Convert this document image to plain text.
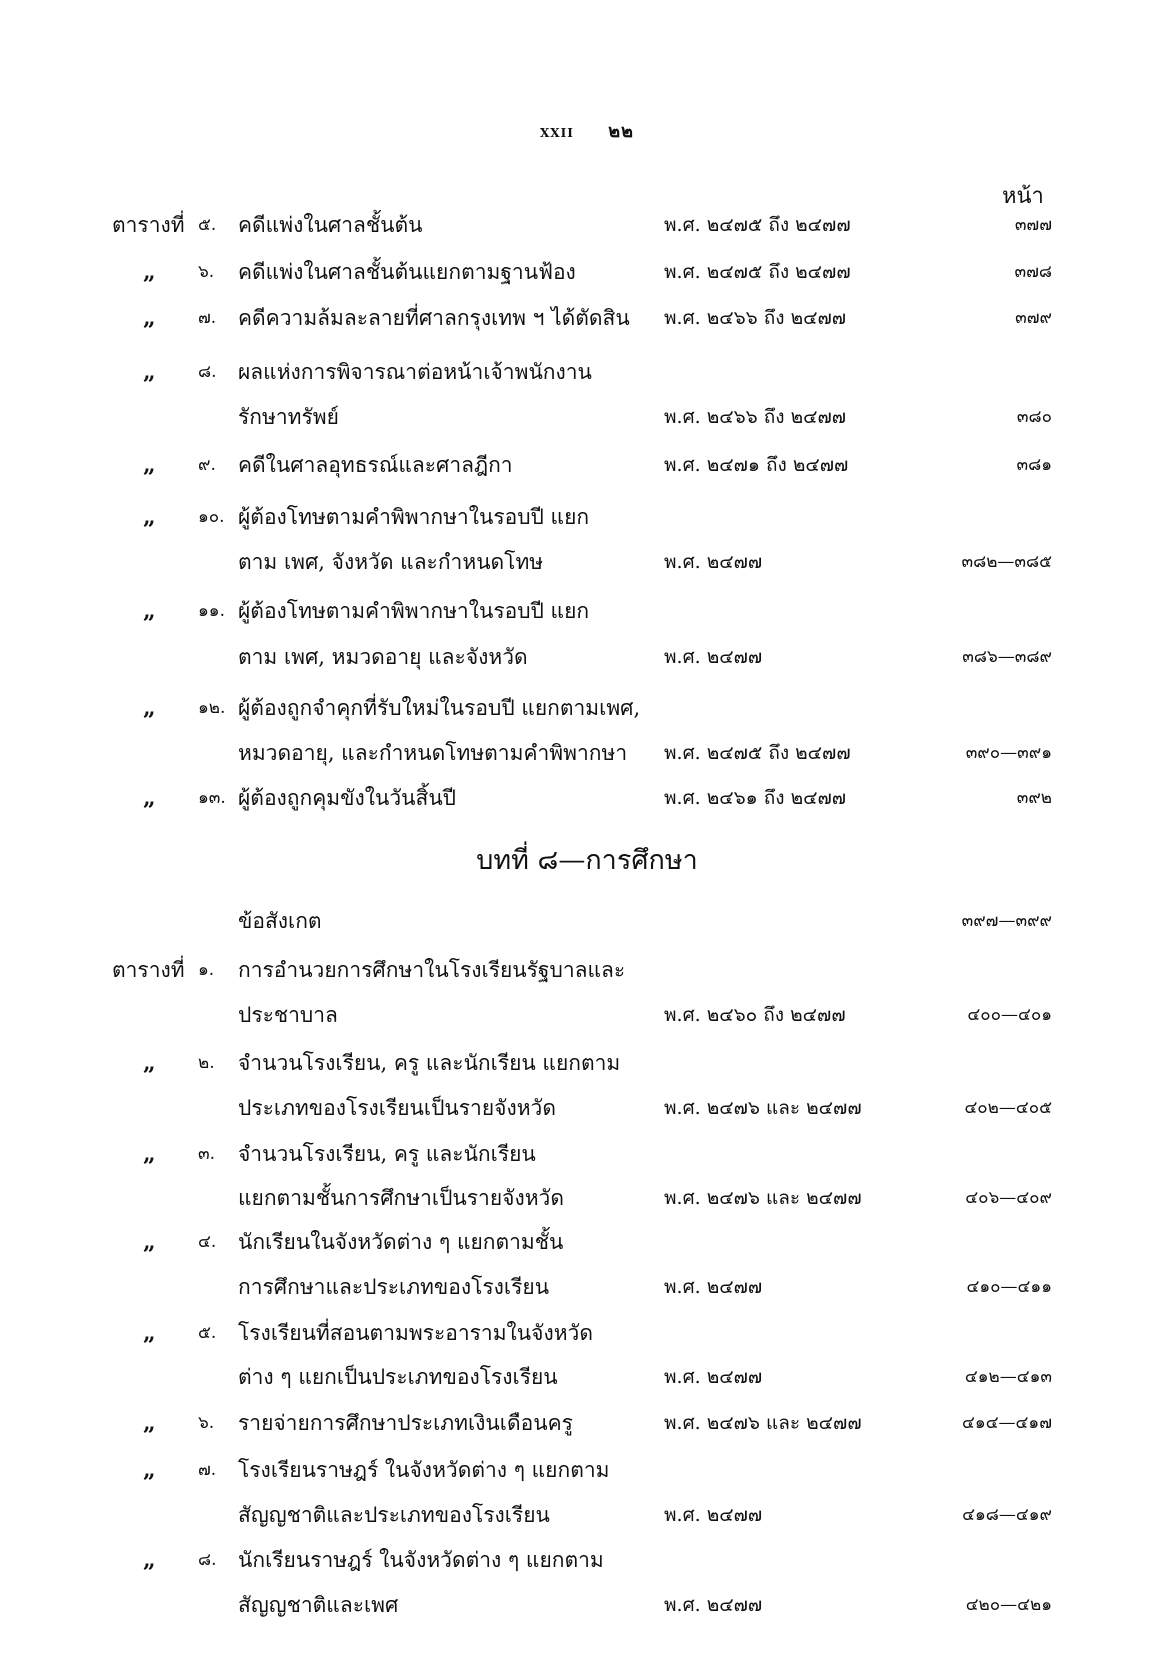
XXII ๒๒
หน้า
ตารางที่ ๕. คดีแพ่งในศาลชั้นต้น	พ.ศ. ๒๔๗๕ ถึง ๒๔๗๗	๓๗๗
„ ๖. คดีแพ่งในศาลชั้นต้นแยกตามฐานฟ้อง	พ.ศ. ๒๔๗๕ ถึง ๒๔๗๗	๓๗๘
„ ๗. คดีความล้มละลายที่ศาลกรุงเทพ ฯ ได้ตัดสิน พ.ศ. ๒๔๖๖ ถึง ๒๔๗๗	๓๗๙
„ ๘. ผลแห่งการพิจารณาต่อหน้าเจ้าพนักงาน
รักษาทรัพย์	พ.ศ. ๒๔๖๖ ถึง ๒๔๗๗	๓๘๐
„ ๙. คดีในศาลอุทธรณ์และศาลฎีกา	พ.ศ. ๒๔๗๑ ถึง ๒๔๗๗	๓๘๑
„ ๑๐. ผู้ต้องโทษตามคำพิพากษาในรอบปี แยก
ตาม เพศ, จังหวัด และกำหนดโทษ	พ.ศ. ๒๔๗๗	๓๘๒—๓๘๕
„ ๑๑. ผู้ต้องโทษตามคำพิพากษาในรอบปี แยก
ตาม เพศ, หมวดอายุ และจังหวัด	พ.ศ. ๒๔๗๗	๓๘๖—๓๘๙
„ ๑๒. ผู้ต้องถูกจำคุกที่รับใหม่ในรอบปี แยกตามเพศ,
หมวดอายุ, และกำหนดโทษตามคำพิพากษา พ.ศ. ๒๔๗๕ ถึง ๒๔๗๗	๓๙๐—๓๙๑
„ ๑๓. ผู้ต้องถูกคุมขังในวันสิ้นปี	พ.ศ. ๒๔๖๑ ถึง ๒๔๗๗	๓๙๒
บทที่ ๘—การศึกษา
ข้อสังเกต	๓๙๗—๓๙๙
ตารางที่ ๑. การอำนวยการศึกษาในโรงเรียนรัฐบาลและ
ประชาบาล	พ.ศ. ๒๔๖๐ ถึง ๒๔๗๗	๔๐๐—๔๐๑
„ ๒. จำนวนโรงเรียน, ครู และนักเรียน แยกตาม
ประเภทของโรงเรียนเป็นรายจังหวัด	พ.ศ. ๒๔๗๖ และ ๒๔๗๗	๔๐๒—๔๐๕
„ ๓. จำนวนโรงเรียน, ครู และนักเรียน
แยกตามชั้นการศึกษาเป็นรายจังหวัด	พ.ศ. ๒๔๗๖ และ ๒๔๗๗	๔๐๖—๔๐๙
„ ๔. นักเรียนในจังหวัดต่าง ๆ แยกตามชั้น
การศึกษาและประเภทของโรงเรียน	พ.ศ. ๒๔๗๗	๔๑๐—๔๑๑
„ ๕. โรงเรียนที่สอนตามพระอารามในจังหวัด
ต่าง ๆ แยกเป็นประเภทของโรงเรียน	พ.ศ. ๒๔๗๗	๔๑๒—๔๑๓
„ ๖. รายจ่ายการศึกษาประเภทเงินเดือนครู	พ.ศ. ๒๔๗๖ และ ๒๔๗๗	๔๑๔—๔๑๗
„ ๗. โรงเรียนราษฎร์ ในจังหวัดต่าง ๆ แยกตาม
สัญญชาติและประเภทของโรงเรียน	พ.ศ. ๒๔๗๗	๔๑๘—๔๑๙
„ ๘. นักเรียนราษฎร์ ในจังหวัดต่าง ๆ แยกตาม
สัญญชาติและเพศ	พ.ศ. ๒๔๗๗	๔๒๐—๔๒๑
